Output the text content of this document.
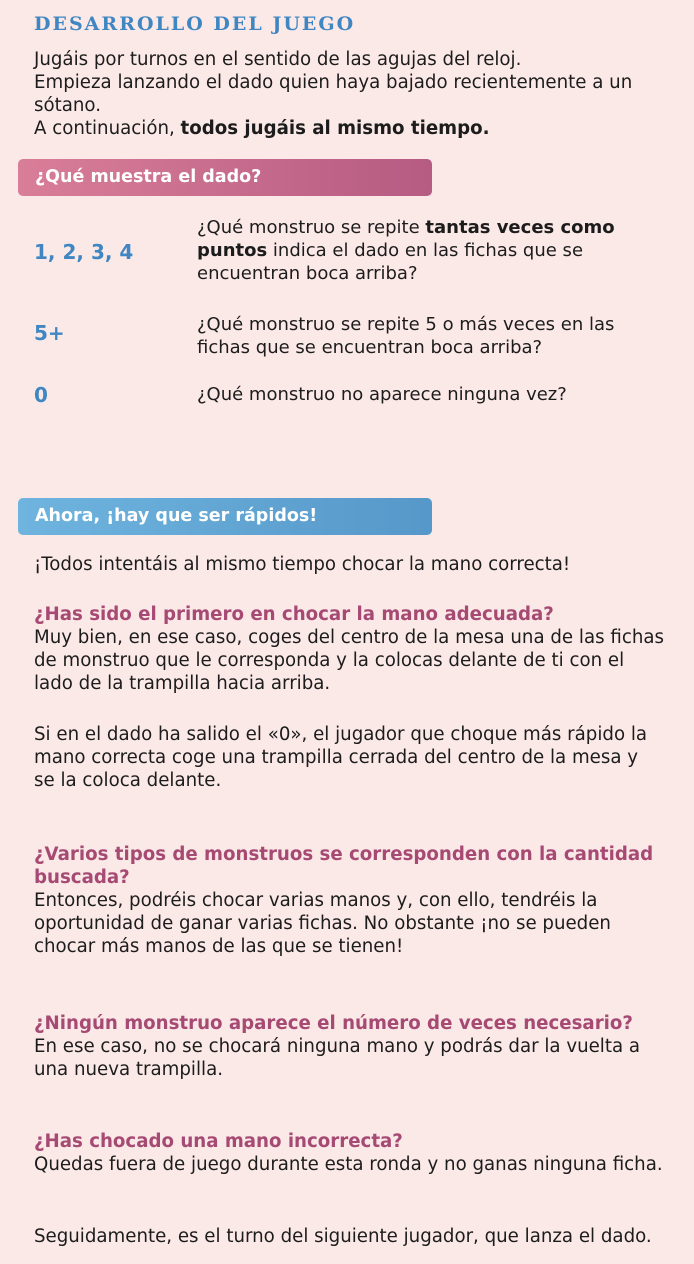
DESARROLLO DEL JUEGO

Jugáis por turnos en el sentido de las agujas del reloj.
Empieza lanzando el dado quien haya bajado recientemente a un sótano.
A continuación, todos jugáis al mismo tiempo.

¿Qué muestra el dado?
1, 2, 3, 4

¿Qué monstruo se repite tantas veces como puntos indica el dado en las fichas que se encuentran boca arriba?

5+	¿Qué monstruo se repite 5 o más veces en las fichas que se encuentran boca arriba?

0	¿Qué monstruo no aparece ninguna vez?

Ahora, ¡hay que ser rápidos!

¡Todos intentáis al mismo tiempo chocar la mano correcta!

¿Has sido el primero en chocar la mano adecuada?
Muy bien, en ese caso, coges del centro de la mesa una de las fichas de monstruo que le corresponda y la colocas delante de ti con el lado de la trampilla hacia arriba.

Si en el dado ha salido el «0», el jugador que choque más rápido la mano correcta coge una trampilla cerrada del centro de la mesa y se la coloca delante.

¿Varios tipos de monstruos se corresponden con la cantidad buscada?
Entonces, podréis chocar varias manos y, con ello, tendréis la oportunidad de ganar varias fichas. No obstante ¡no se pueden chocar más manos de las que se tienen!

¿Ningún monstruo aparece el número de veces necesario?
En ese caso, no se chocará ninguna mano y podrás dar la vuelta a una nueva trampilla.

¿Has chocado una mano incorrecta?
Quedas fuera de juego durante esta ronda y no ganas ninguna ficha.

Seguidamente, es el turno del siguiente jugador, que lanza el dado.
